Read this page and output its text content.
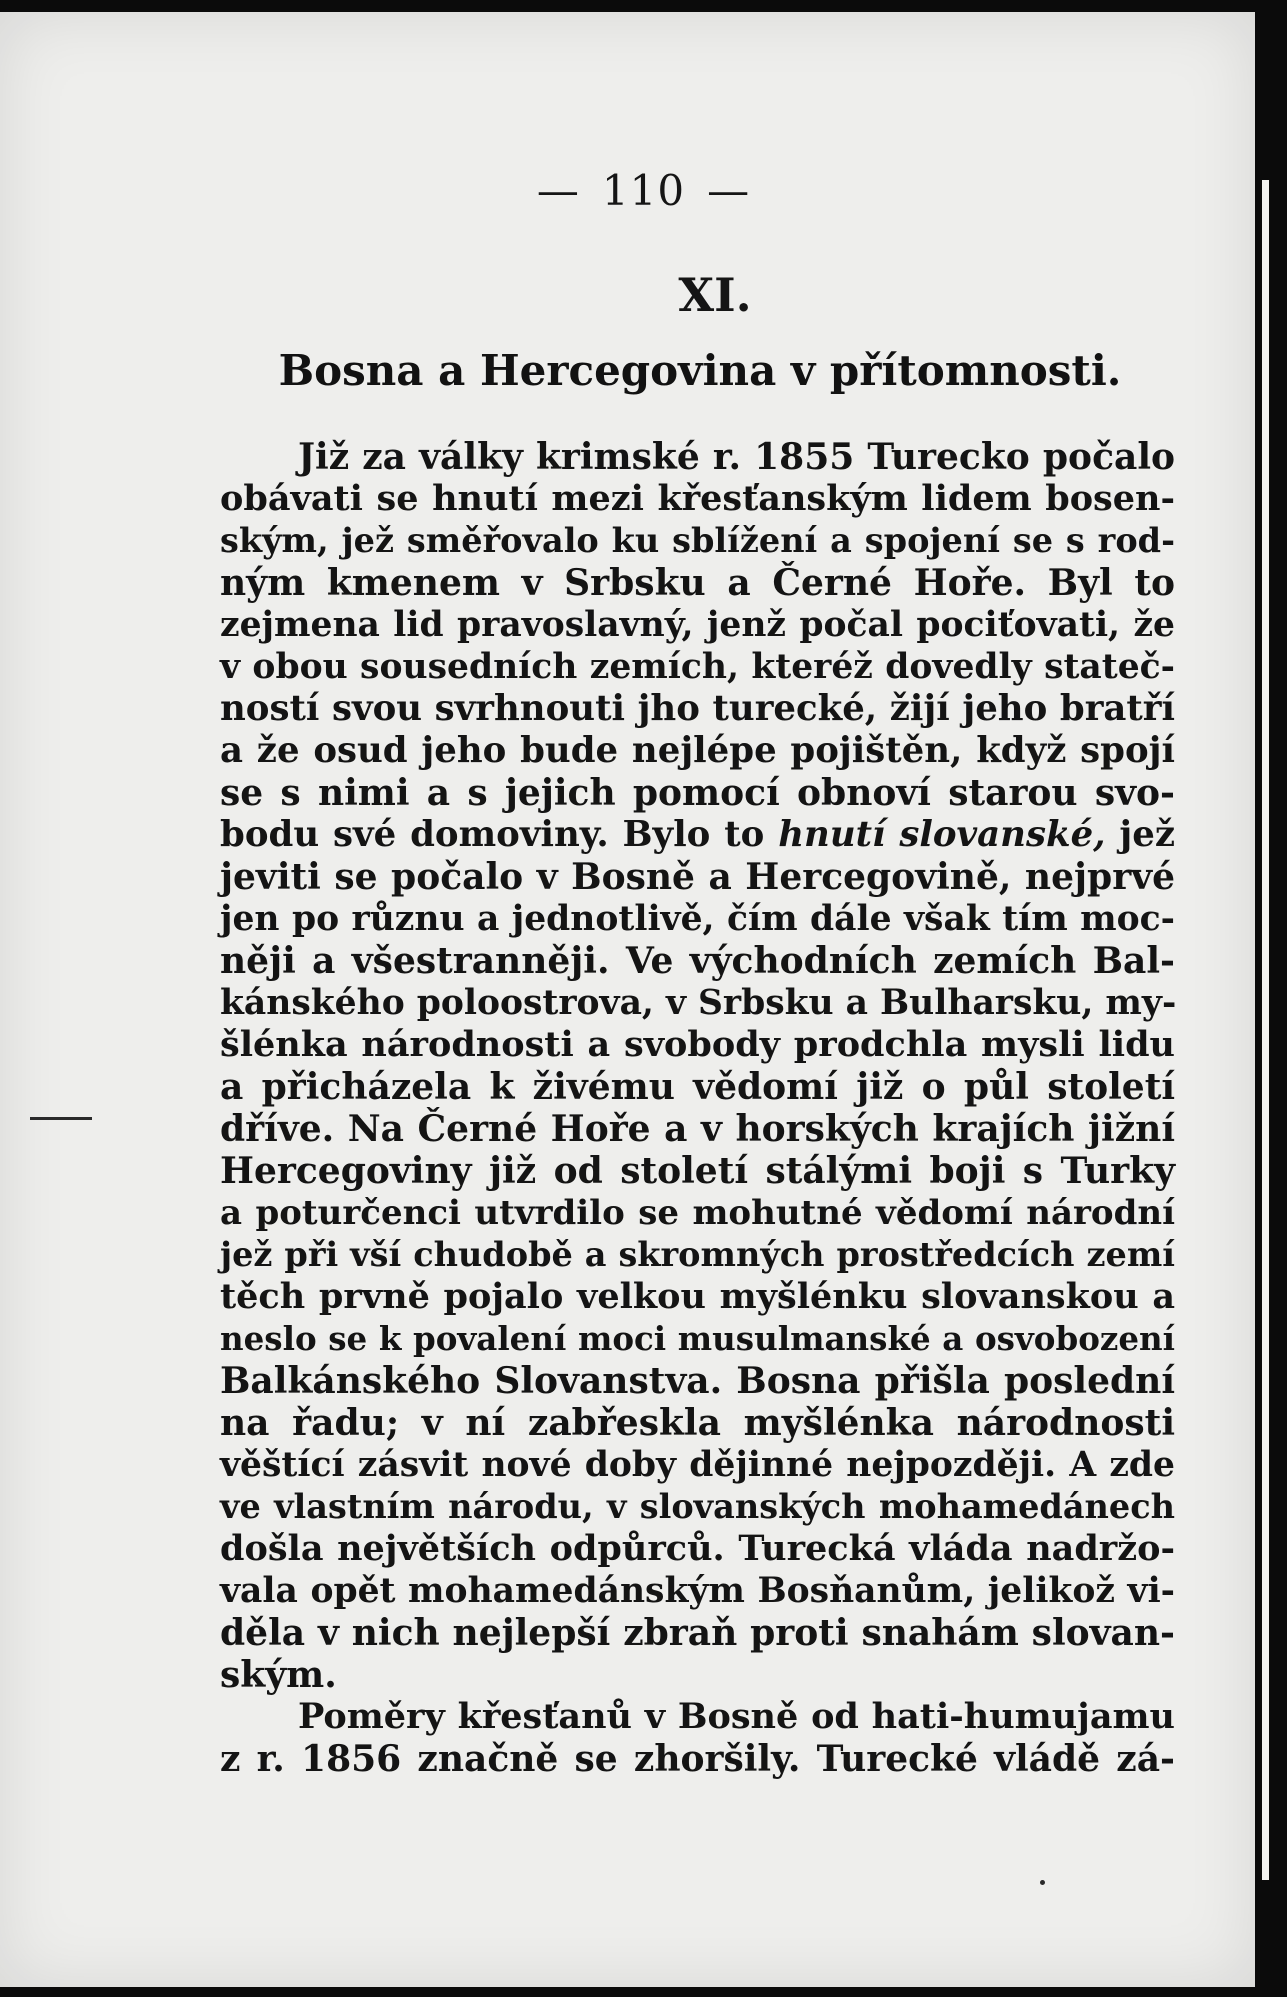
— 110 —
XI.
Bosna a Hercegovina v přítomnosti.
Již za války krimské r. 1855 Turecko počalo
obávati se hnutí mezi křesťanským lidem bosen-
ským, jež směřovalo ku sblížení a spojení se s rod-
ným kmenem v Srbsku a Černé Hoře. Byl to
zejmena lid pravoslavný, jenž počal pociťovati, že
v obou sousedních zemích, kteréž dovedly stateč-
ností svou svrhnouti jho turecké, žijí jeho bratří
a že osud jeho bude nejlépe pojištěn, když spojí
se s nimi a s jejich pomocí obnoví starou svo-
bodu své domoviny. Bylo to hnutí slovanské, jež
jeviti se počalo v Bosně a Hercegovině, nejprvé
jen po různu a jednotlivě, čím dále však tím moc-
něji a všestranněji. Ve východních zemích Bal-
kánského poloostrova, v Srbsku a Bulharsku, my-
šlénka národnosti a svobody prodchla mysli lidu
a přicházela k živému vědomí již o půl století
dříve. Na Černé Hoře a v horských krajích jižní
Hercegoviny již od století stálými boji s Turky
a poturčenci utvrdilo se mohutné vědomí národní
jež při vší chudobě a skromných prostředcích zemí
těch prvně pojalo velkou myšlénku slovanskou a
neslo se k povalení moci musulmanské a osvobození
Balkánského Slovanstva. Bosna přišla poslední
na řadu; v ní zabřeskla myšlénka národnosti
věštící zásvit nové doby dějinné nejpozději. A zde
ve vlastním národu, v slovanských mohamedánech
došla největších odpůrců. Turecká vláda nadržo-
vala opět mohamedánským Bosňanům, jelikož vi-
děla v nich nejlepší zbraň proti snahám slovan-
ským.
Poměry křesťanů v Bosně od hati-humujamu
z r. 1856 značně se zhoršily. Turecké vládě zá-
